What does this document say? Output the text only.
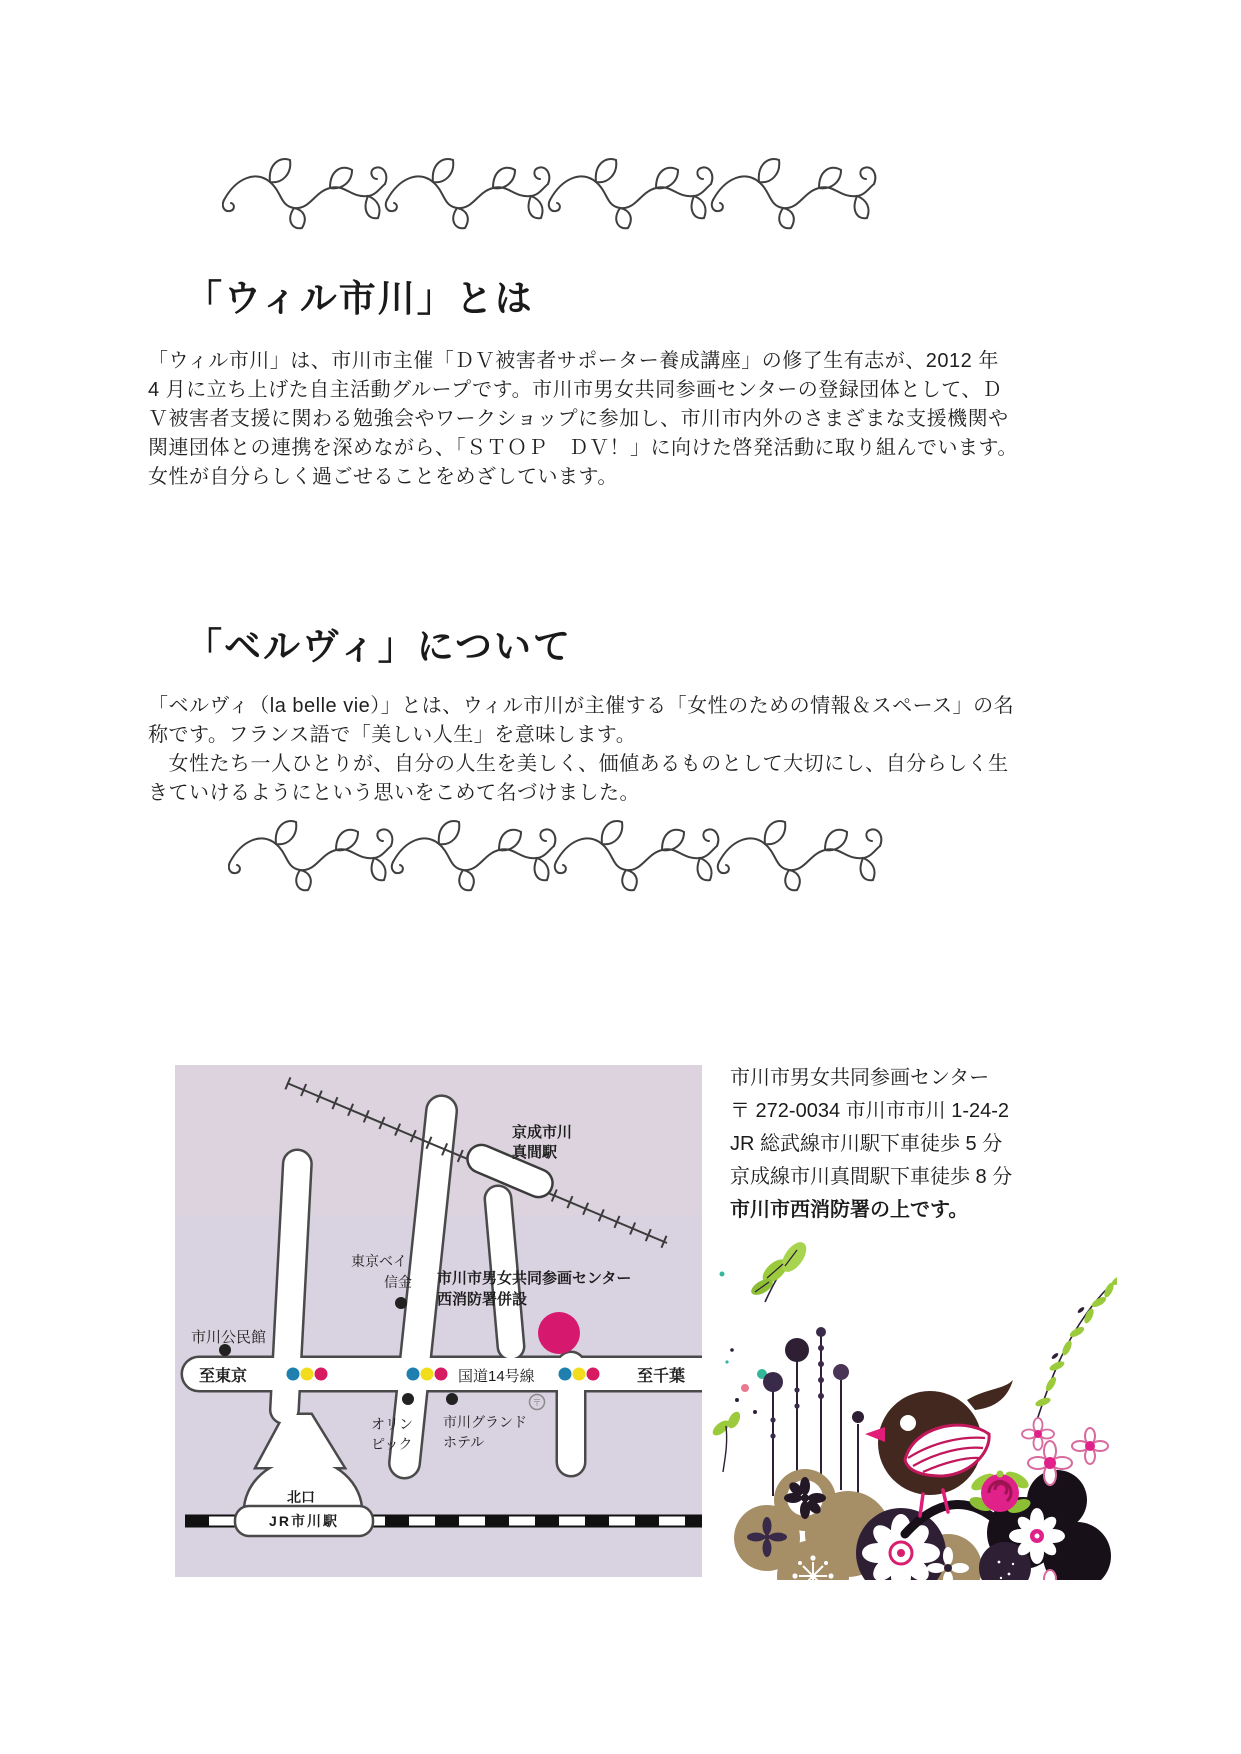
「ウィル市川」とは
「ウィル市川」は、市川市主催「ＤＶ被害者サポーター養成講座」の修了生有志が、2012 年
4 月に立ち上げた自主活動グループです。市川市男女共同参画センターの登録団体として、Ｄ
Ｖ被害者支援に関わる勉強会やワークショップに参加し、市川市内外のさまざまな支援機関や
関連団体との連携を深めながら、「ＳＴＯＰ　ＤＶ！」に向けた啓発活動に取り組んでいます。
女性が自分らしく過ごせることをめざしています。
「ベルヴィ」について
「ベルヴィ（la belle vie）」とは、ウィル市川が主催する「女性のための情報＆スペース」の名
称です。フランス語で「美しい人生」を意味します。
　女性たち一人ひとりが、自分の人生を美しく、価値あるものとして大切にし、自分らしく生
きていけるようにという思いをこめて名づけました。
〒
京成市川
真間駅
東京ベイ
信金
市川公民館
至東京	国道14号線	至千葉
市川市男女共同参画センター
西消防署併設
オリン
ピック
市川グランド
ホテル
北口
JR市川駅
市川市男女共同参画センター
〒 272-0034 市川市市川 1-24-2
JR 総武線市川駅下車徒歩 5 分
京成線市川真間駅下車徒歩 8 分
市川市西消防署の上です。
